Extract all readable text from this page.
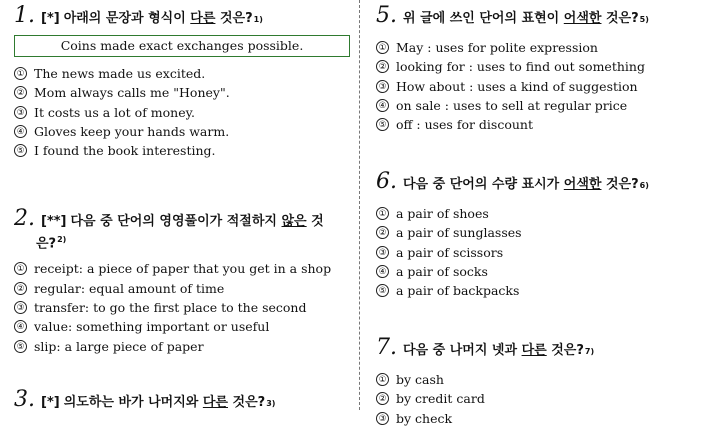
1. [*] 아래의 문장과 형식이
다른
것은? 1)
Coins made exact exchanges possible.
① The news made us excited.
② Mom always calls me "Honey".
③ It costs us a lot of money.
④ Gloves keep your hands warm.
⑤ I found the book interesting.
2. [**] 다음 중 단어의 영영풀이가 적절하지
않은
것
은?$^{2)}$
① receipt: a piece of paper that you get in a shop
② regular: equal amount of time
③ transfer: to go the first place to the second
④ value: something important or useful
⑤ slip: a large piece of paper
3. [*] 의도하는 바가 나머지와
다른
것은? 3)
5. 위 글에 쓰인 단어의 표현이
어색한
것은? 5)
① May : uses for polite expression
② looking for : uses to find out something
③ How about : uses a kind of suggestion
④ on sale : uses to sell at regular price
⑤ off : uses for discount
6. 다음 중 단어의 수량 표시가
어색한
것은? 6)
① a pair of shoes
② a pair of sunglasses
③ a pair of scissors
④ a pair of socks
⑤ a pair of backpacks
7. 다음 중 나머지 넷과
다른
것은? 7)
① by cash
② by credit card
③ by check
